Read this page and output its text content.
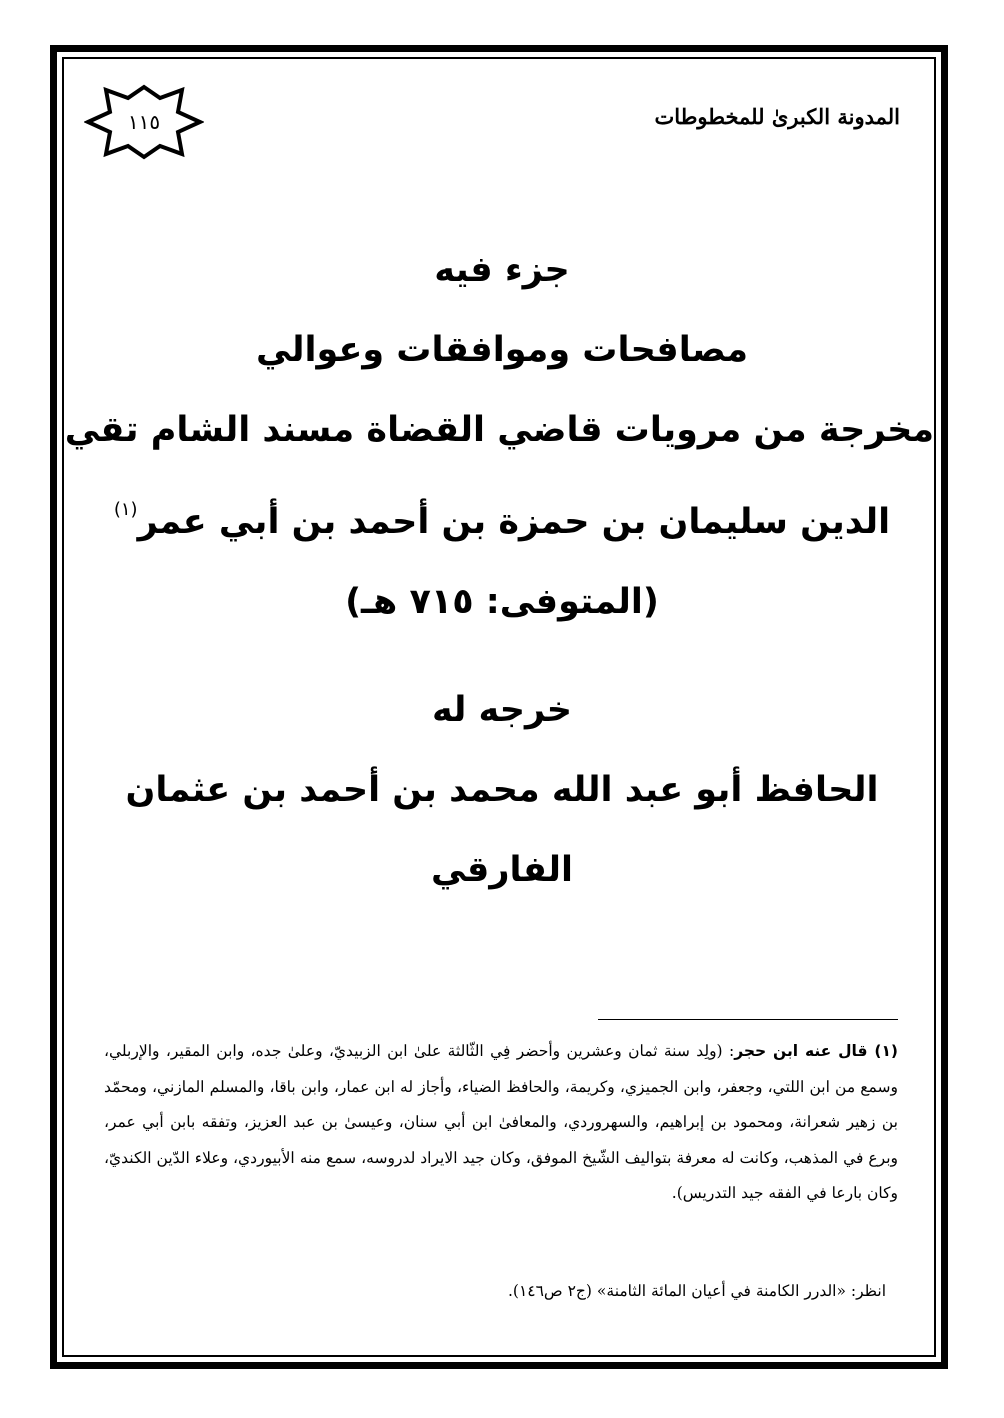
المدونة الكبرىٰ للمخطوطات
١١٥
جزء فيه
مصافحات وموافقات وعوالي
مخرجة من مرويات قاضي القضاة مسند الشام تقي
الدين سليمان بن حمزة بن أحمد بن أبي عمر$^{(١)}$
(المتوفى: ٧١٥ هـ)
خرجه له
الحافظ أبو عبد الله محمد بن أحمد بن عثمان
الفارقي
(١) قال عنه ابن حجر: (ولِد سنة ثمان وعشرين وأحضر فِي الثّالثة علىٰ ابن الزبيديّ، وعلىٰ جده، وابن المقير، والإربلي، وسمع من ابن اللتي، وجعفر، وابن الجميزي، وكريمة، والحافظ الضياء، وأجاز له ابن عمار، وابن باقا، والمسلم المازني، ومحمّد بن زهير شعرانة، ومحمود بن إبراهيم، والسهروردي، والمعافىٰ ابن أبي سنان، وعيسىٰ بن عبد العزيز، وتفقه بابن أبي عمر، وبرع في المذهب، وكانت له معرفة بتواليف الشّيخ الموفق، وكان جيد الايراد لدروسه، سمع منه الأبيوردي، وعلاء الدّين الكنديّ، وكان بارعا في الفقه جيد التدريس).
انظر: «الدرر الكامنة في أعيان المائة الثامنة» (ج٢ ص١٤٦).
